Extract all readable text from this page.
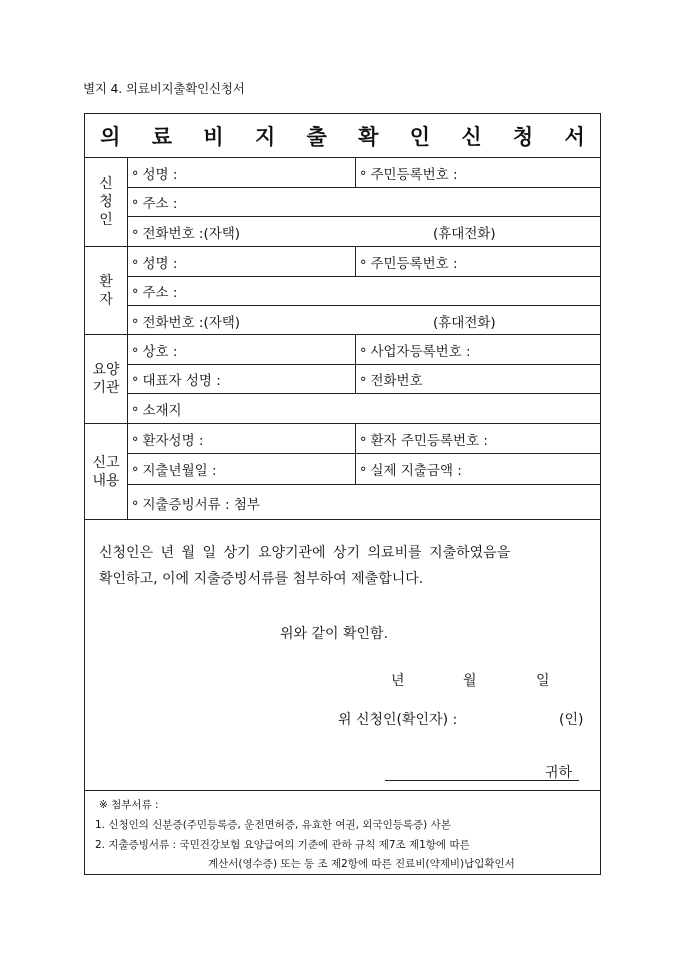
별지 4. 의료비지출확인신청서
의 료 비 지 출 확 인 신 청 서
신
청
인
∘ 성명 :	∘ 주민등록번호 :
∘ 주소 :
∘ 전화번호 :(자택)	(휴대전화)
환
자
∘ 성명 :	∘ 주민등록번호 :
∘ 주소 :
∘ 전화번호 :(자택)	(휴대전화)
요양
기관
∘ 상호 :	∘ 사업자등록번호 :
∘ 대표자 성명 :	∘ 전화번호
∘ 소재지
신고
내용
∘ 환자성명 :	∘ 환자 주민등록번호 :
∘ 지출년월일 :	∘ 실제 지출금액 :
∘ 지출증빙서류 : 첨부
신청인은 년 월 일 상기 요양기관에 상기 의료비를 지출하였음을
확인하고, 이에 지출증빙서류를 첨부하여 제출합니다.
위와 같이 확인함.
년	월	일
위 신청인(확인자) :	(인)
귀하
※ 첨부서류 :
1. 신청인의 신분증(주민등록증, 운전면허증, 유효한 여권, 외국인등록증) 사본
2. 지출증빙서류 : 국민건강보험 요양급여의 기준에 관하 규칙 제7조 제1항에 따른
계산서(영수증) 또는 동 조 제2항에 따른 진료비(약제비)납입확인서
